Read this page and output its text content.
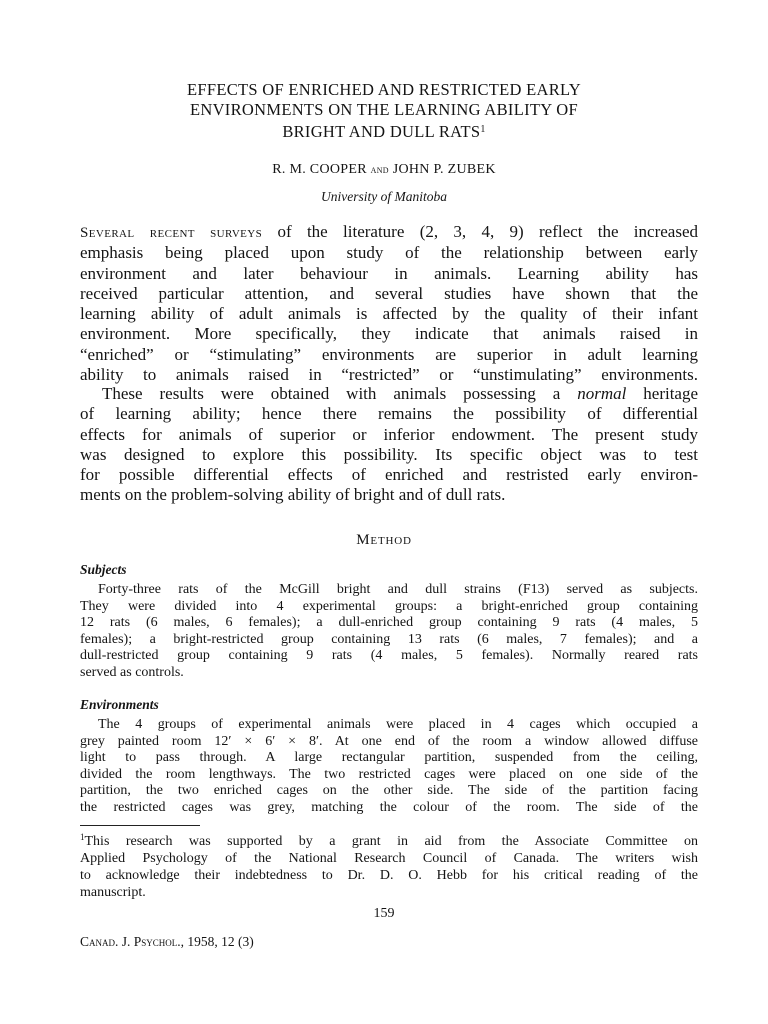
EFFECTS OF ENRICHED AND RESTRICTED EARLY
ENVIRONMENTS ON THE LEARNING ABILITY OF
BRIGHT AND DULL RATS$^1$
R. M. COOPER and JOHN P. ZUBEK
University of Manitoba
Several recent surveys of the literature (2, 3, 4, 9) reflect the increased
emphasis being placed upon study of the relationship between early
environment and later behaviour in animals. Learning ability has
received particular attention, and several studies have shown that the
learning ability of adult animals is affected by the quality of their infant
environment. More specifically, they indicate that animals raised in
“enriched” or “stimulating” environments are superior in adult learning
ability to animals raised in “restricted” or “unstimulating” environments.
These results were obtained with animals possessing a normal heritage
of learning ability; hence there remains the possibility of differential
effects for animals of superior or inferior endowment. The present study
was designed to explore this possibility. Its specific object was to test
for possible differential effects of enriched and restristed early environ-
ments on the problem-solving ability of bright and of dull rats.
Method
Subjects
Forty-three rats of the McGill bright and dull strains (F13) served as subjects.
They were divided into 4 experimental groups: a bright-enriched group containing
12 rats (6 males, 6 females); a dull-enriched group containing 9 rats (4 males, 5
females); a bright-restricted group containing 13 rats (6 males, 7 females); and a
dull-restricted group containing 9 rats (4 males, 5 females). Normally reared rats
served as controls.
Environments
The 4 groups of experimental animals were placed in 4 cages which occupied a
grey painted room 12′ × 6′ × 8′. At one end of the room a window allowed diffuse
light to pass through. A large rectangular partition, suspended from the ceiling,
divided the room lengthways. The two restricted cages were placed on one side of the
partition, the two enriched cages on the other side. The side of the partition facing
the restricted cages was grey, matching the colour of the room. The side of the
$^1$This research was supported by a grant in aid from the Associate Committee on
Applied Psychology of the National Research Council of Canada. The writers wish
to acknowledge their indebtedness to Dr. D. O. Hebb for his critical reading of the
manuscript.
159
Canad. J. Psychol., 1958, 12 (3)
